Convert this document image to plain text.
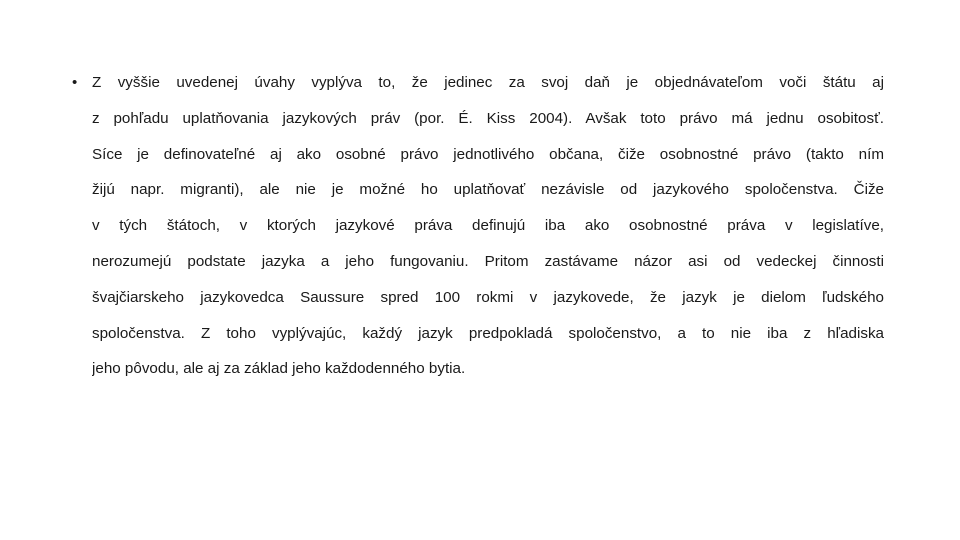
• Z vyššie uvedenej úvahy vyplýva to, že jedinec za svoj daň je objednávateľom voči štátu aj
z pohľadu uplatňovania jazykových práv (por. É. Kiss 2004). Avšak toto právo má jednu osobitosť.
Síce je definovateľné aj ako osobné právo jednotlivého občana, čiže osobnostné právo (takto ním
žijú napr. migranti), ale nie je možné ho uplatňovať nezávisle od jazykového spoločenstva. Čiže
v tých štátoch, v ktorých jazykové práva definujú iba ako osobnostné práva v legislatíve,
nerozumejú podstate jazyka a jeho fungovaniu. Pritom zastávame názor asi od vedeckej činnosti
švajčiarskeho jazykovedca Saussure spred 100 rokmi v jazykovede, že jazyk je dielom ľudského
spoločenstva. Z toho vyplývajúc, každý jazyk predpokladá spoločenstvo, a to nie iba z hľadiska
jeho pôvodu, ale aj za základ jeho každodenného bytia.
